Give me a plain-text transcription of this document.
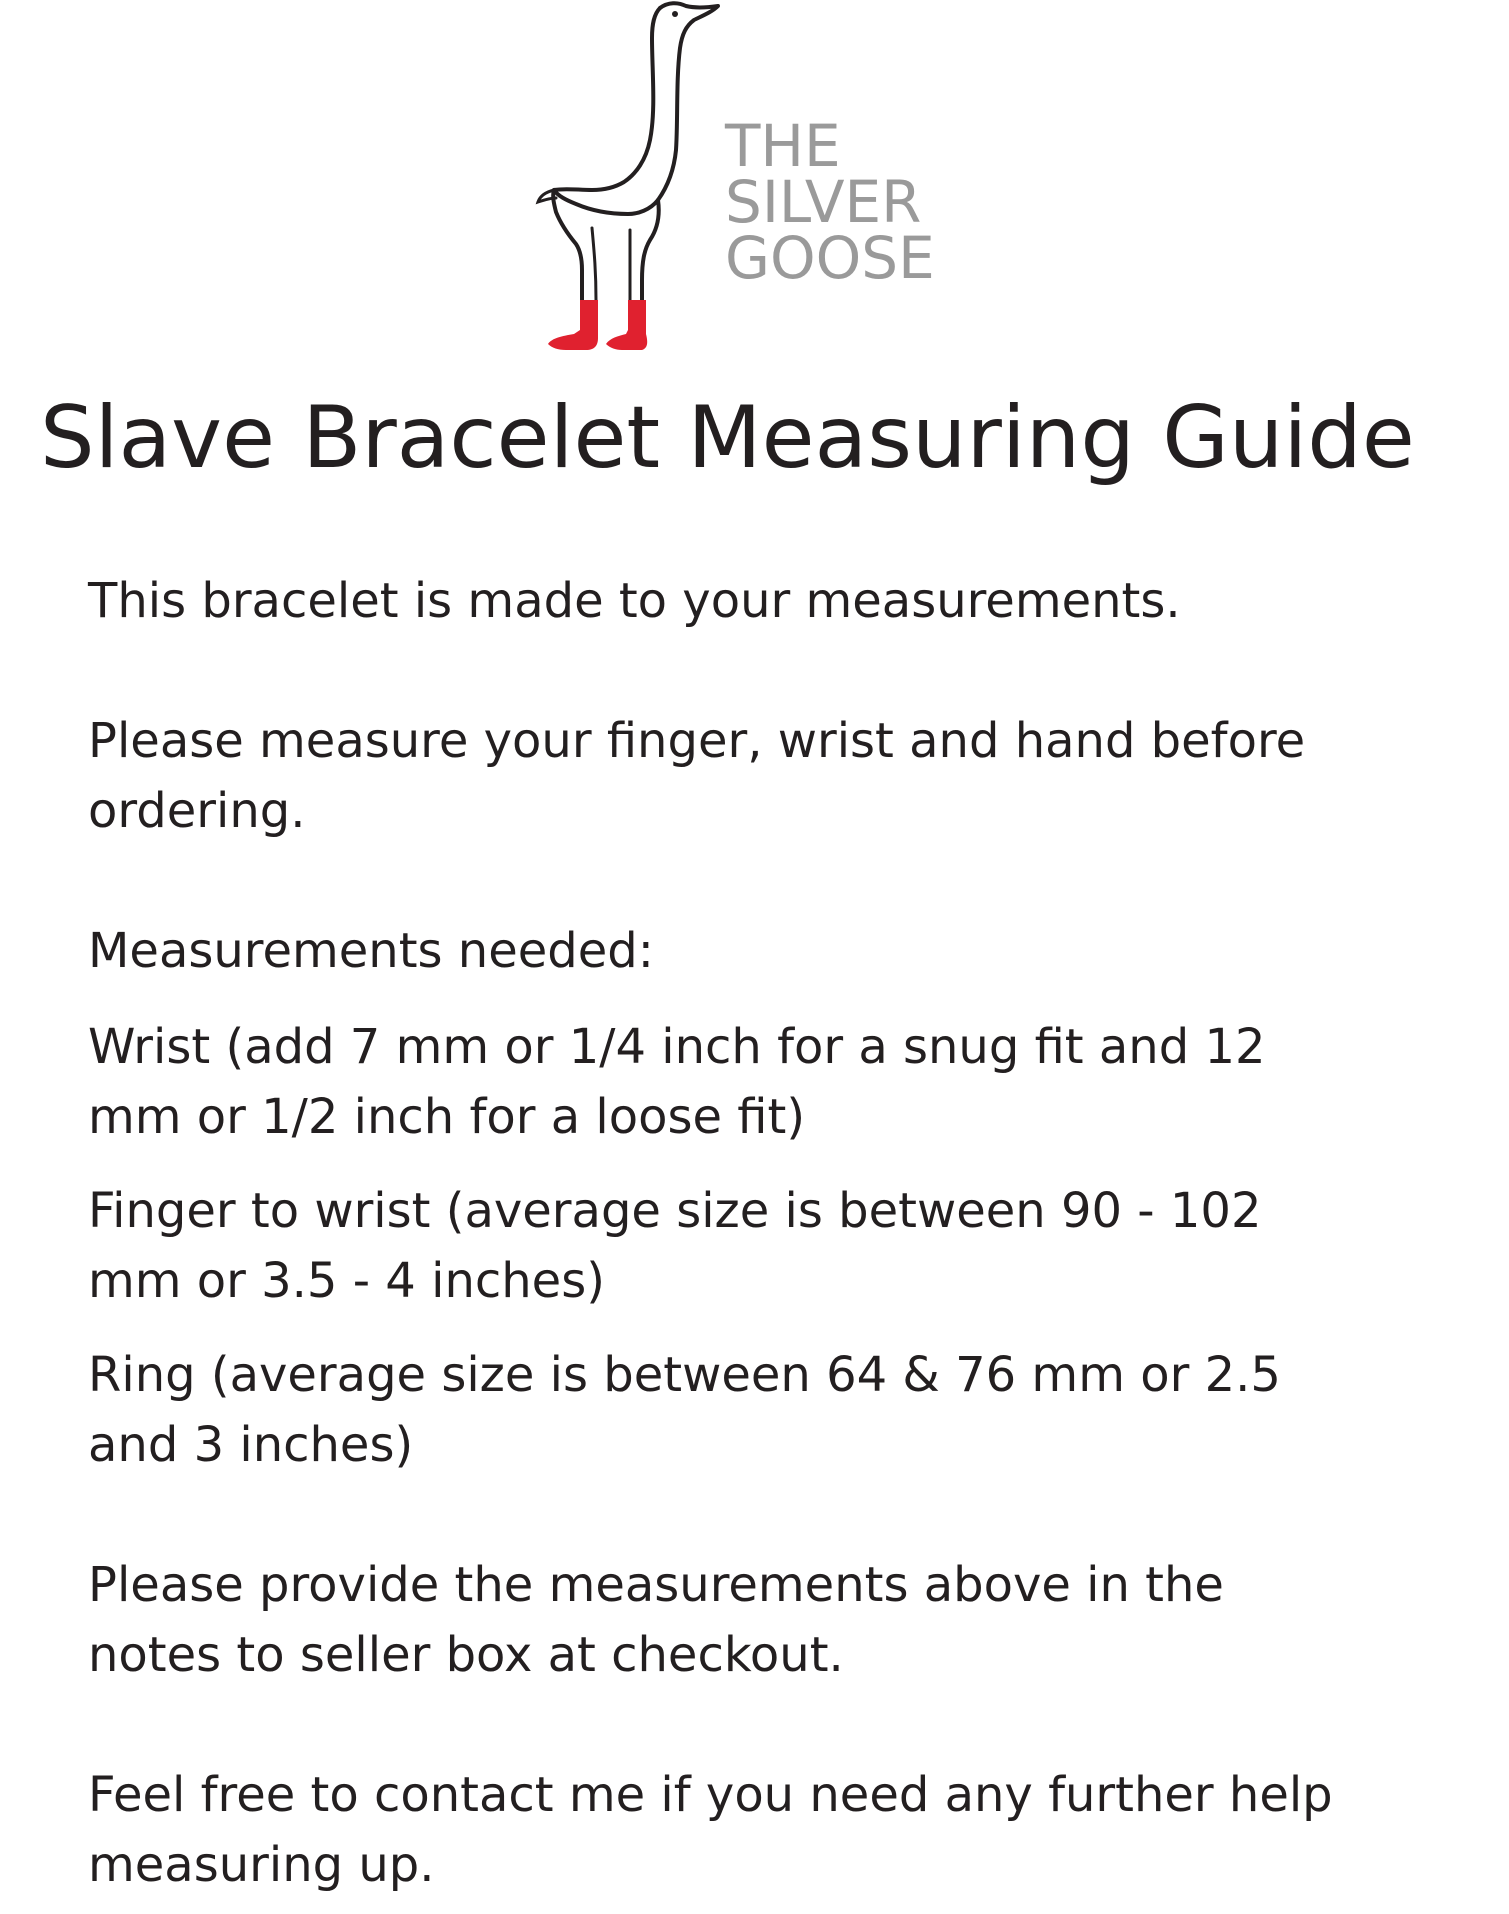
THE
SILVER
GOOSE
Slave Bracelet Measuring Guide

This bracelet is made to your measurements.

Please measure your finger, wrist and hand before ordering.

Measurements needed:

Wrist (add 7 mm or 1/4 inch for a snug fit and 12 mm or 1/2 inch for a loose fit)

Finger to wrist (average size is between 90 - 102 mm or 3.5 - 4 inches)

Ring (average size is between 64 & 76 mm or 2.5 and 3 inches)

Please provide the measurements above in the notes to seller box at checkout.

Feel free to contact me if you need any further help measuring up.
